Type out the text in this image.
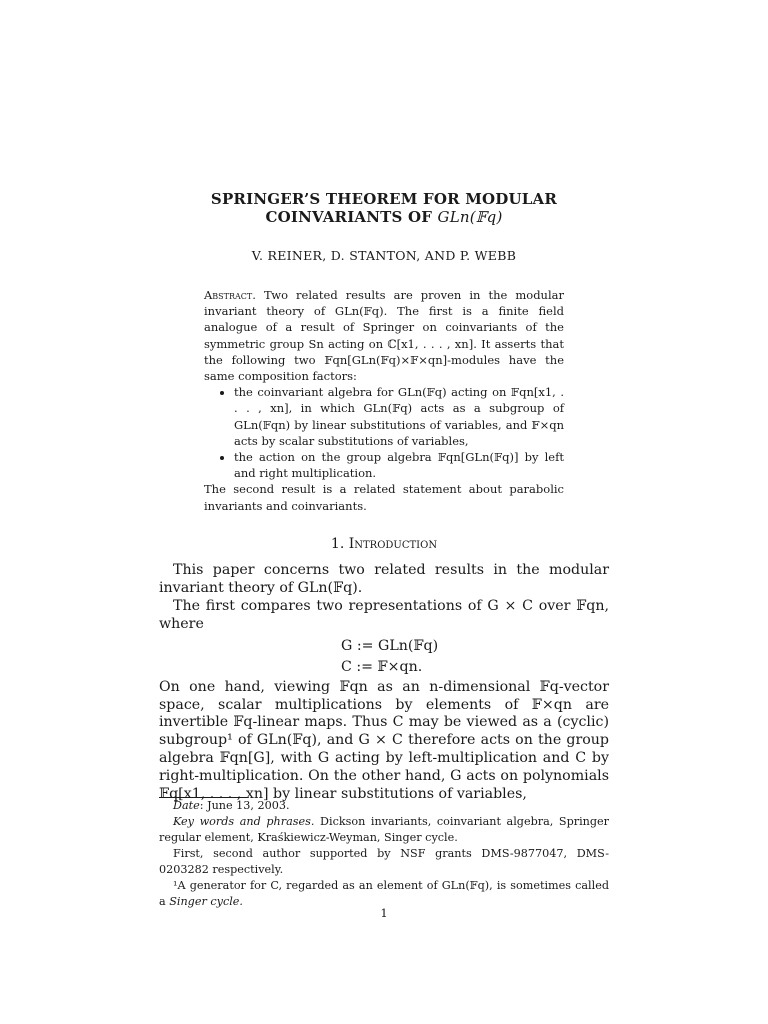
SPRINGER’S THEOREM FOR MODULAR
COINVARIANTS OF GLn(𝔽q)
V. REINER, D. STANTON, AND P. WEBB

Abstract. Two related results are proven in the modular invariant theory of GLn(𝔽q). The first is a finite field analogue of a result of Springer on coinvariants of the symmetric group Sn acting on ℂ[x1, . . . , xn]. It asserts that the following two 𝔽qn[GLn(𝔽q)×𝔽×qn]-modules have the same composition factors:

• the coinvariant algebra for GLn(𝔽q) acting on 𝔽qn[x1, . . . , xn], in which GLn(𝔽q) acts as a subgroup of GLn(𝔽qn) by linear substitutions of variables, and 𝔽×qn acts by scalar substitutions of variables,
• the action on the group algebra 𝔽qn[GLn(𝔽q)] by left and right multiplication.

The second result is a related statement about parabolic invariants and coinvariants.

1. Introduction

This paper concerns two related results in the modular invariant theory of GLn(𝔽q).

The first compares two representations of G × C over 𝔽qn, where

G := GLn(𝔽q)
C := 𝔽×qn.

On one hand, viewing 𝔽qn as an n-dimensional 𝔽q-vector space, scalar multiplications by elements of 𝔽×qn are invertible 𝔽q-linear maps. Thus C may be viewed as a (cyclic) subgroup¹ of GLn(𝔽q), and G × C therefore acts on the group algebra 𝔽qn[G], with G acting by left-multiplication and C by right-multiplication. On the other hand, G acts on polynomials 𝔽q[x1, . . . , xn] by linear substitutions of variables,

Date: June 13, 2003.

Key words and phrases. Dickson invariants, coinvariant algebra, Springer regular element, Kraśkiewicz-Weyman, Singer cycle.

First, second author supported by NSF grants DMS-9877047, DMS-0203282 respectively.

¹A generator for C, regarded as an element of GLn(𝔽q), is sometimes called a Singer cycle.

1
